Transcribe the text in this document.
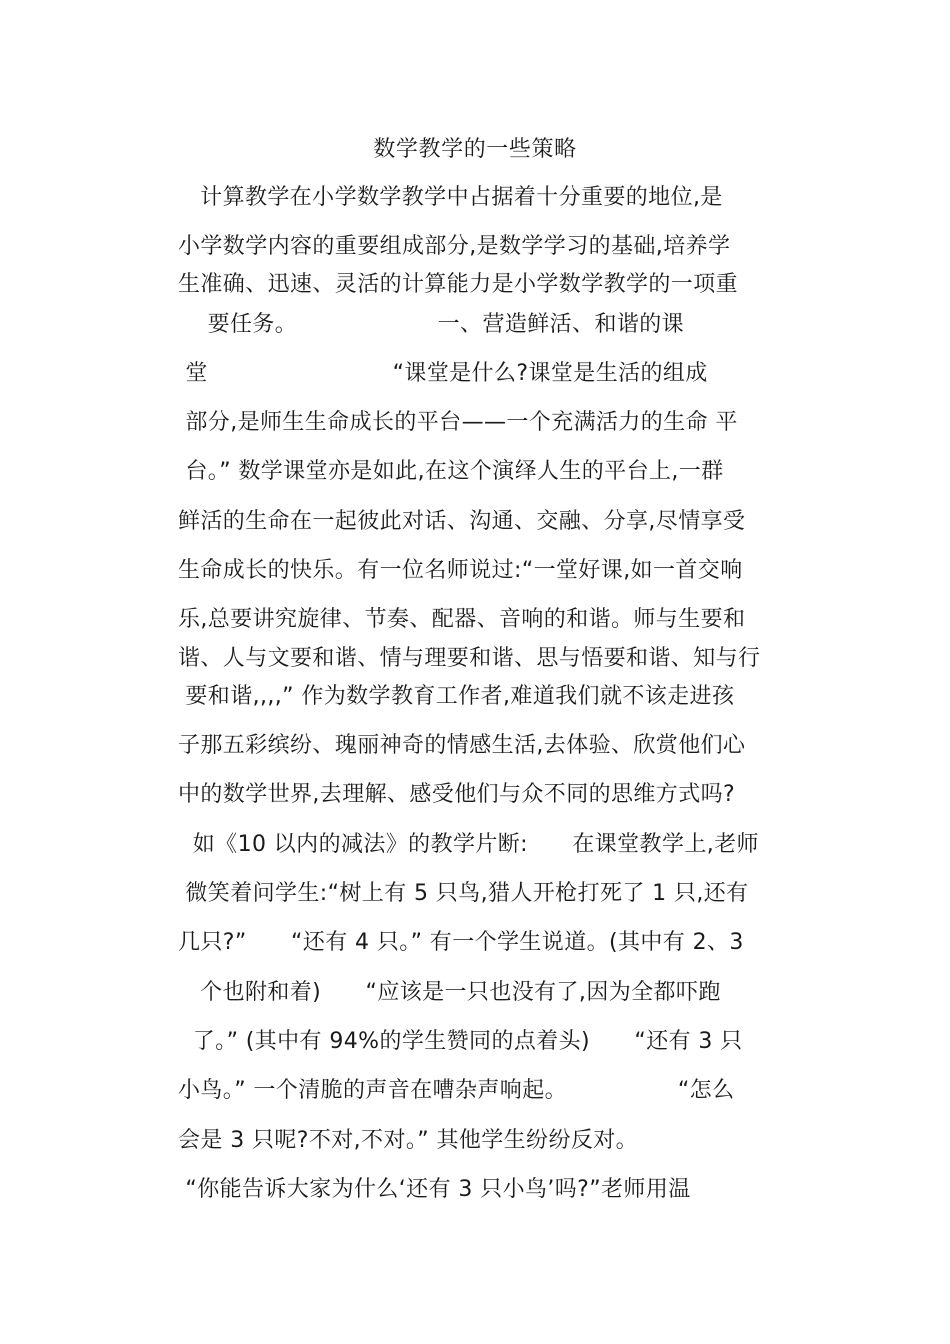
数学教学的一些策略
计算教学在小学数学教学中占据着十分重要的地位,是
小学数学内容的重要组成部分,是数学学习的基础,培养学
生准确、迅速、灵活的计算能力是小学数学教学的一项重
要任务。                   一、营造鲜活、和谐的课
堂                         “课堂是什么?课堂是生活的组成
部分,是师生生命成长的平台——一个充满活力的生命 平
台。” 数学课堂亦是如此,在这个演绎人生的平台上,一群
鲜活的生命在一起彼此对话、沟通、交融、分享,尽情享受
生命成长的快乐。有一位名师说过:“一堂好课,如一首交响
乐,总要讲究旋律、节奏、配器、音响的和谐。师与生要和
谐、人与文要和谐、情与理要和谐、思与悟要和谐、知与行
要和谐,,,,” 作为数学教育工作者,难道我们就不该走进孩
子那五彩缤纷、瑰丽神奇的情感生活,去体验、欣赏他们心
中的数学世界,去理解、感受他们与众不同的思维方式吗?
如《10 以内的减法》的教学片断:      在课堂教学上,老师
微笑着问学生:“树上有 5 只鸟,猎人开枪打死了 1 只,还有
几只?”      “还有 4 只。” 有一个学生说道。(其中有 2、3
个也附和着)      “应该是一只也没有了,因为全都吓跑
了。” (其中有 94%的学生赞同的点着头)      “还有 3 只
小鸟。” 一个清脆的声音在嘈杂声响起。               “怎么
会是 3 只呢?不对,不对。” 其他学生纷纷反对。
“你能告诉大家为什么‘还有 3 只小鸟’吗?”老师用温
